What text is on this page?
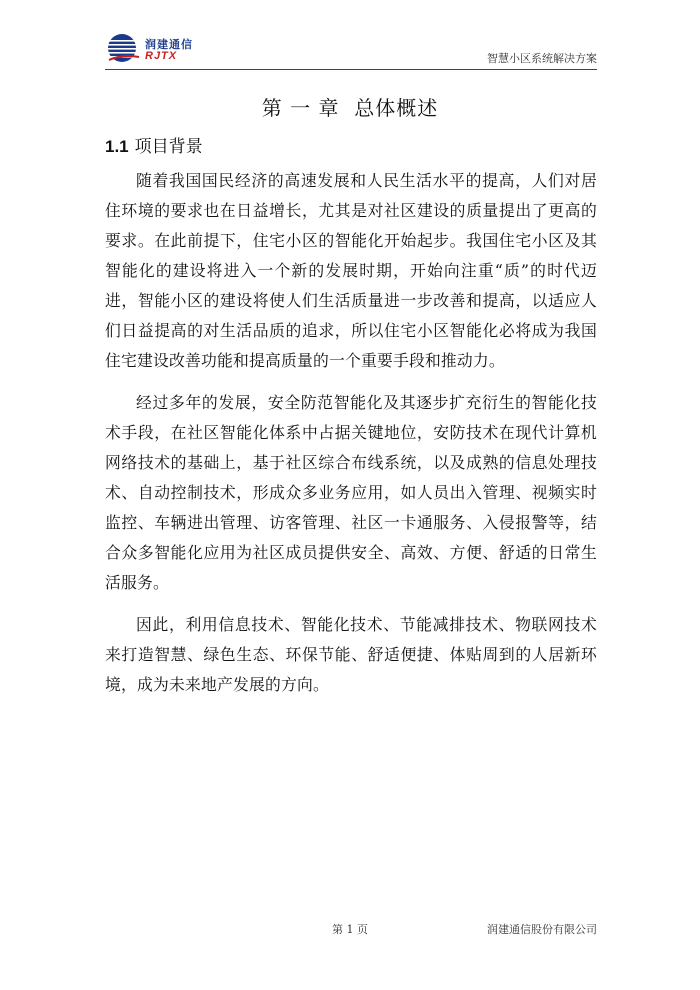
润建通信
RJTX	智慧小区系统解决方案
第 一 章  总体概述
1.1 项目背景

随着我国国民经济的高速发展和人民生活水平的提高，人们对居住环境的要求也在日益增长，尤其是对社区建设的质量提出了更高的要求。在此前提下，住宅小区的智能化开始起步。我国住宅小区及其智能化的建设将进入一个新的发展时期，开始向注重“质”的时代迈进，智能小区的建设将使人们生活质量进一步改善和提高，以适应人们日益提高的对生活品质的追求，所以住宅小区智能化必将成为我国住宅建设改善功能和提高质量的一个重要手段和推动力。

经过多年的发展，安全防范智能化及其逐步扩充衍生的智能化技术手段，在社区智能化体系中占据关键地位，安防技术在现代计算机网络技术的基础上，基于社区综合布线系统，以及成熟的信息处理技术、自动控制技术，形成众多业务应用，如人员出入管理、视频实时监控、车辆进出管理、访客管理、社区一卡通服务、入侵报警等，结合众多智能化应用为社区成员提供安全、高效、方便、舒适的日常生活服务。

因此，利用信息技术、智能化技术、节能减排技术、物联网技术来打造智慧、绿色生态、环保节能、舒适便捷、体贴周到的人居新环境，成为未来地产发展的方向。

第 1 页	润建通信股份有限公司
